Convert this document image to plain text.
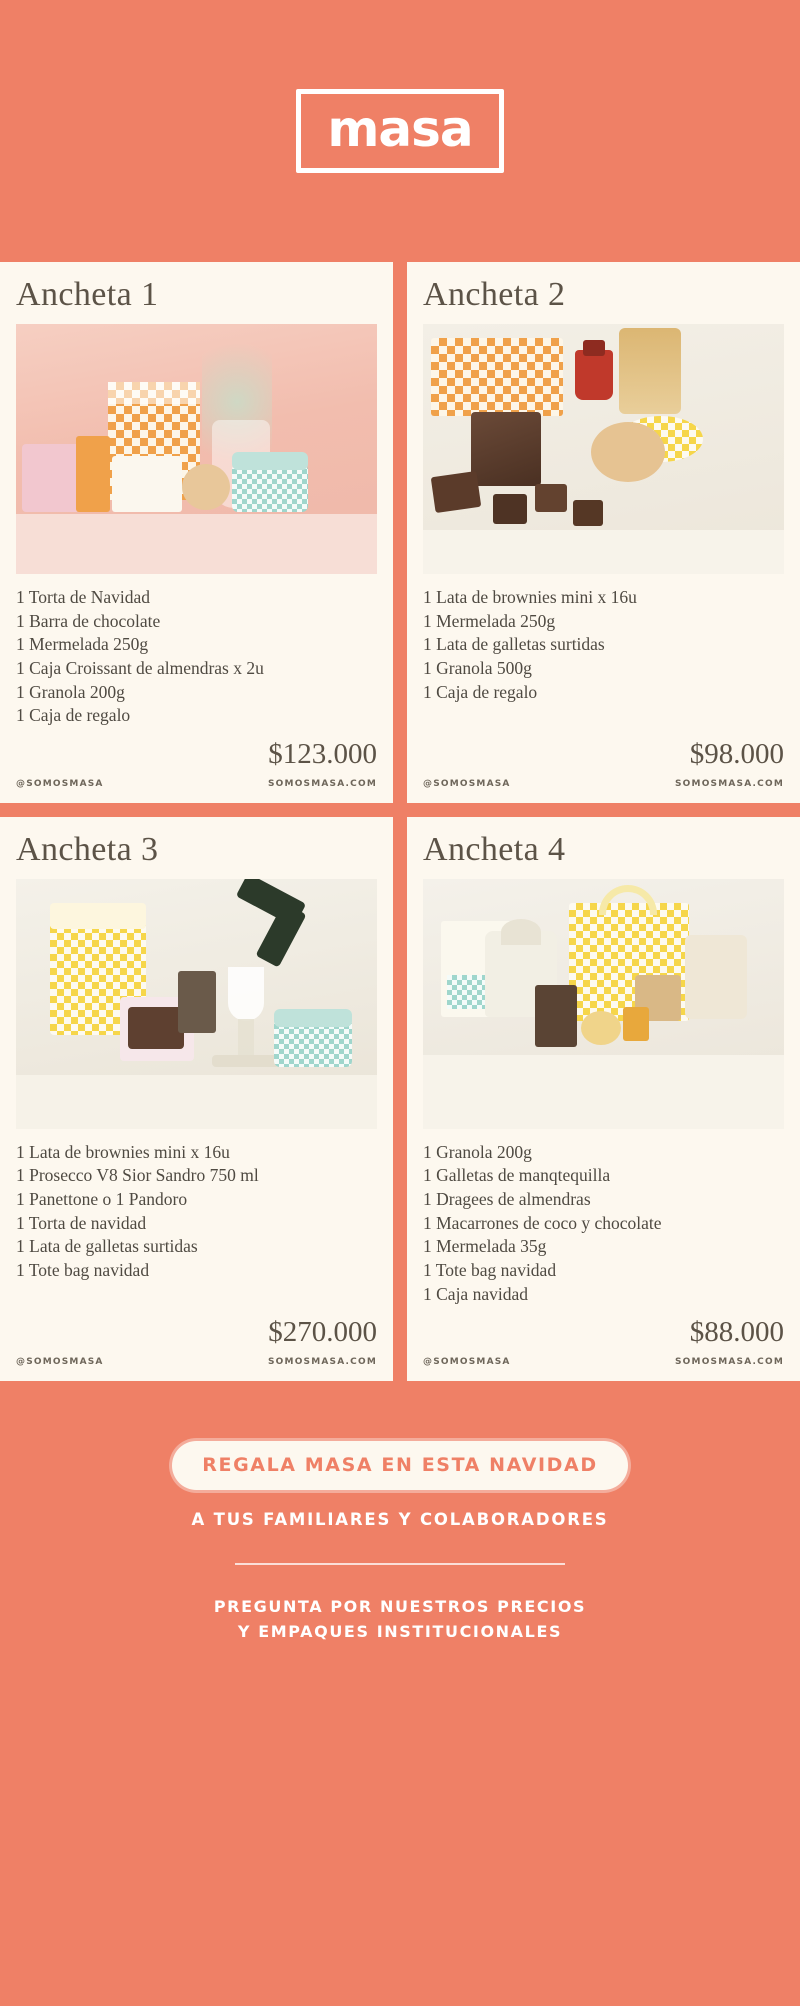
masa
Ancheta 1
1 Torta de Navidad
1 Barra de chocolate
1 Mermelada 250g
1 Caja Croissant de almendras x 2u
1 Granola 200g
1 Caja de regalo
$123.000
@SOMOSMASA	SOMOSMASA.COM
Ancheta 2
1 Lata de brownies mini x 16u
1 Mermelada 250g
1 Lata de galletas surtidas
1 Granola 500g
1 Caja de regalo
$98.000
@SOMOSMASA	SOMOSMASA.COM
Ancheta 3
1 Lata de brownies mini x 16u
1 Prosecco V8 Sior Sandro 750 ml
1 Panettone o 1 Pandoro
1 Torta de navidad
1 Lata de galletas surtidas
1 Tote bag navidad
$270.000
@SOMOSMASA	SOMOSMASA.COM
Ancheta 4
1 Granola 200g
1 Galletas de manqtequilla
1 Dragees de almendras
1 Macarrones de coco y chocolate
1 Mermelada 35g
1 Tote bag navidad
1 Caja navidad
$88.000
@SOMOSMASA	SOMOSMASA.COM
REGALA MASA EN ESTA NAVIDAD
A TUS FAMILIARES Y COLABORADORES
PREGUNTA POR NUESTROS PRECIOS
Y EMPAQUES INSTITUCIONALES
